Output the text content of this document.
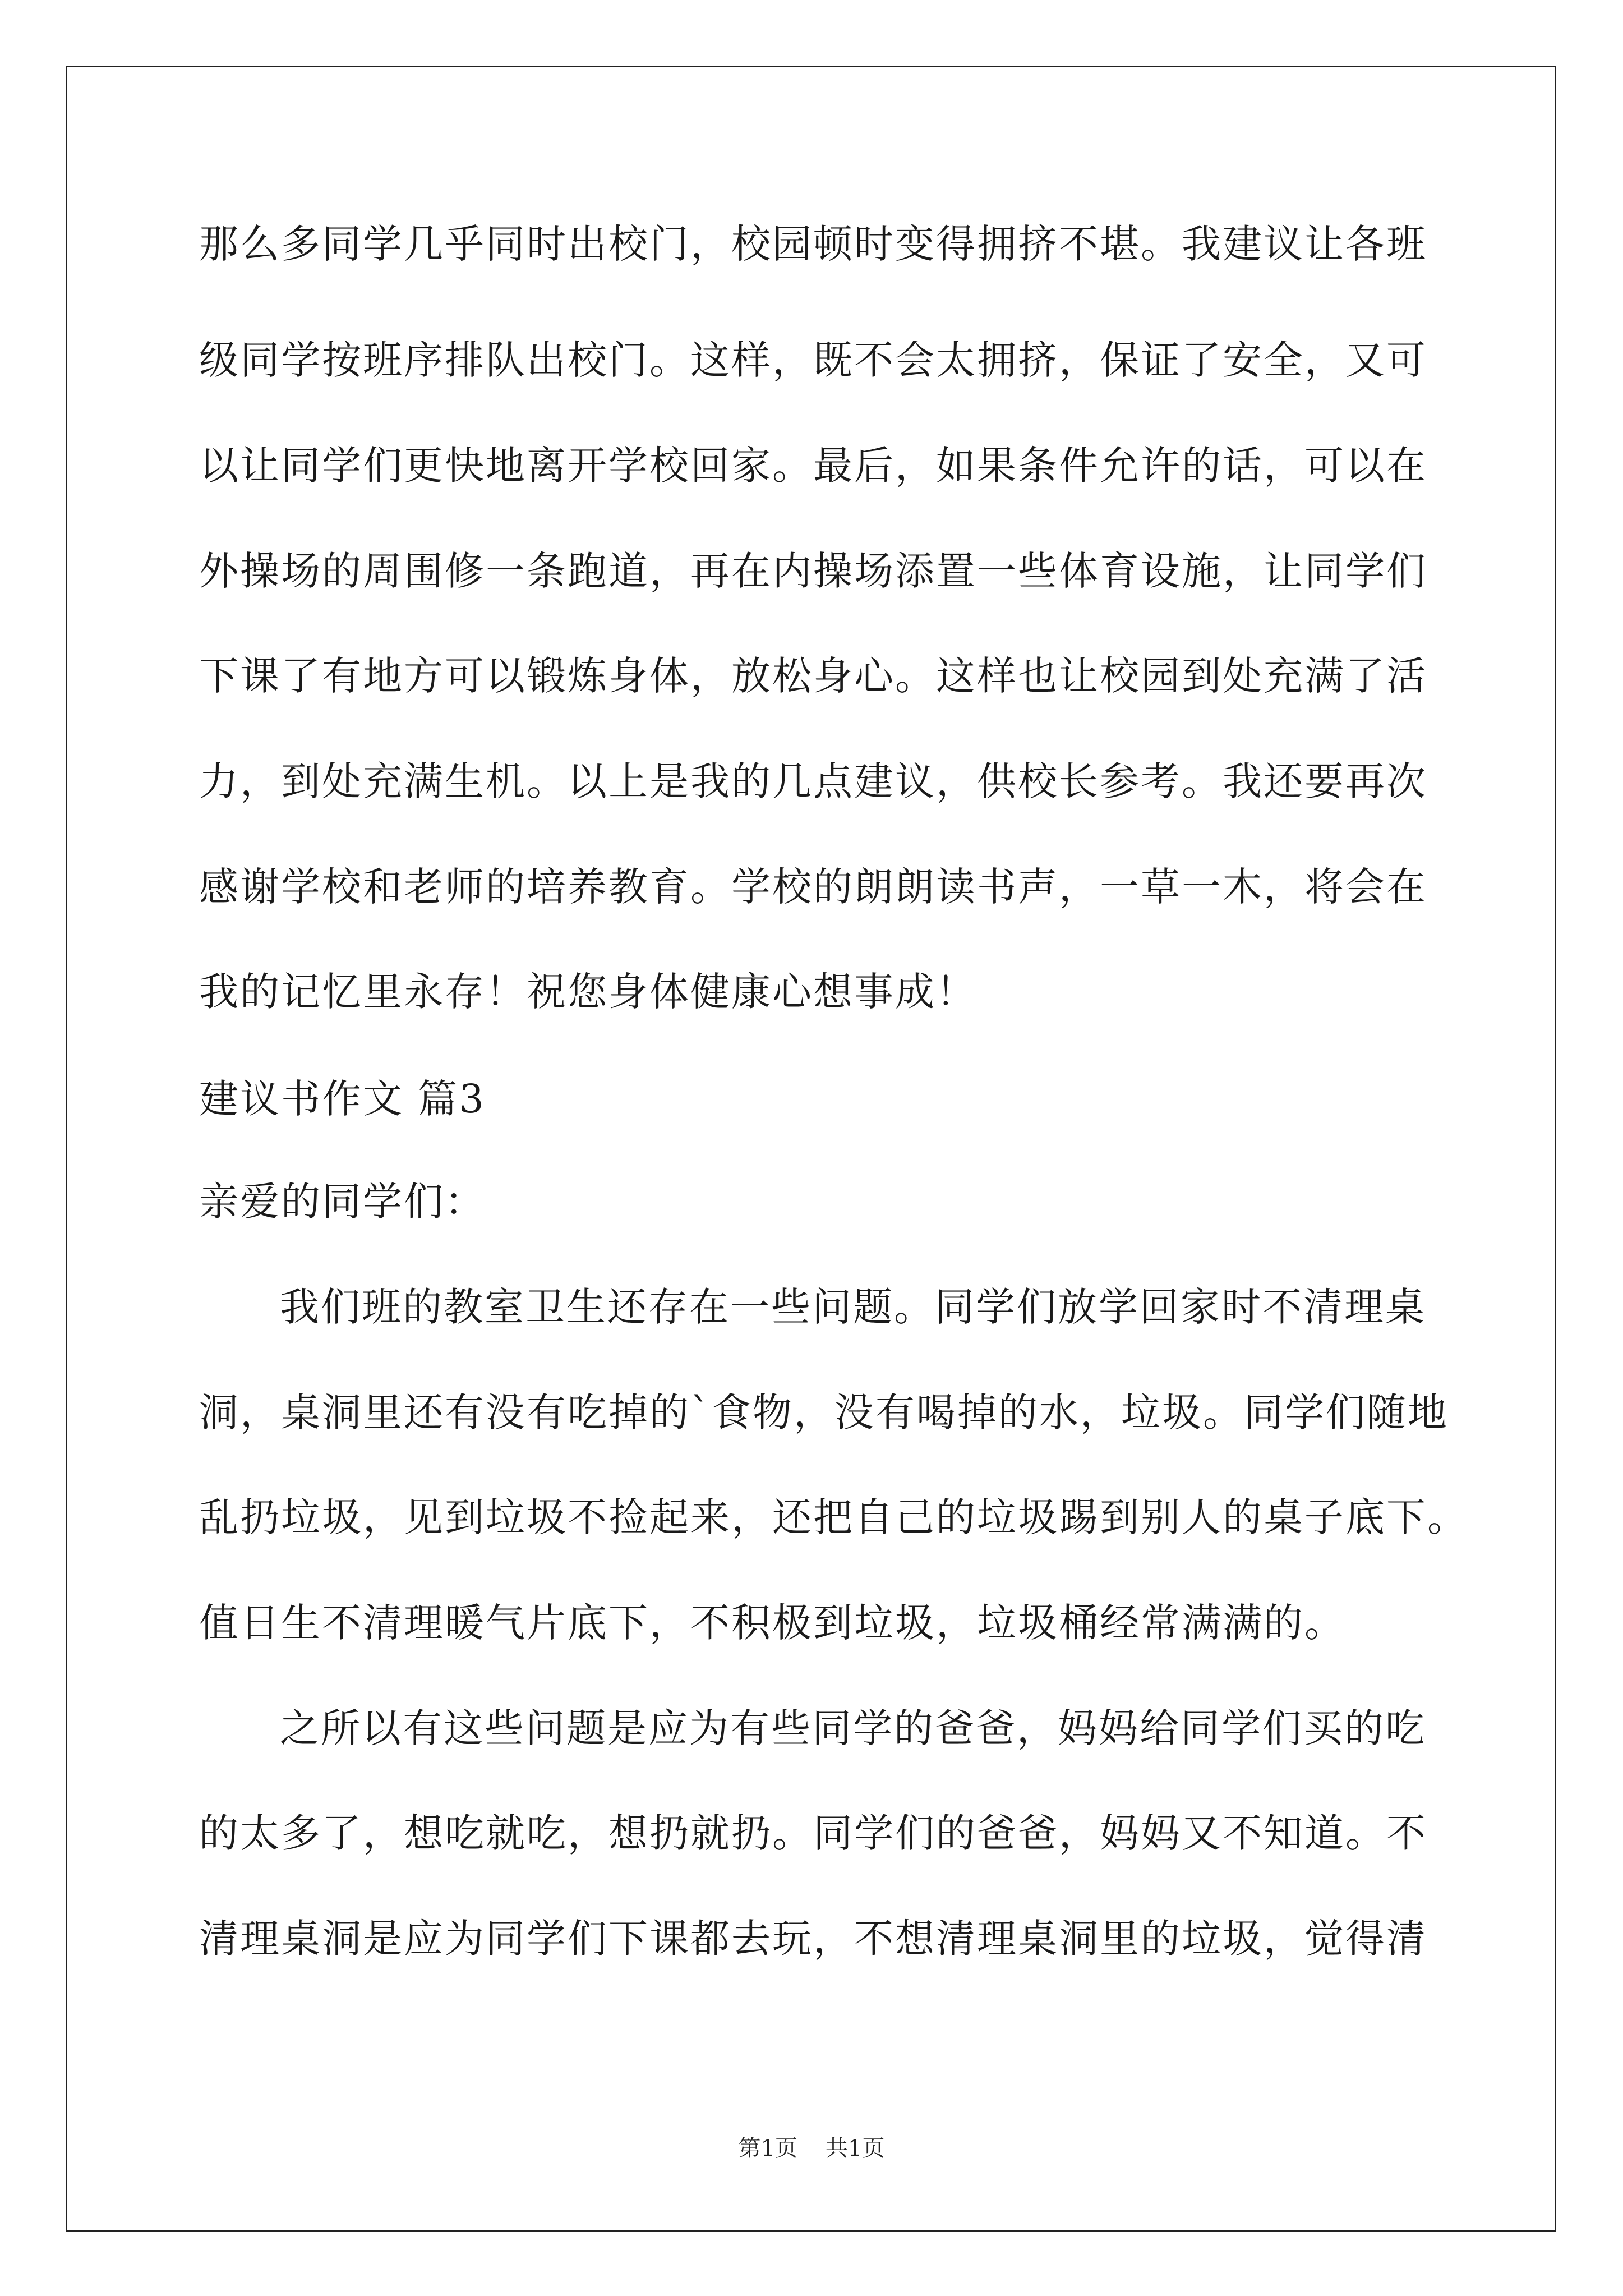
那么多同学几乎同时出校门，校园顿时变得拥挤不堪。我建议让各班
级同学按班序排队出校门。这样，既不会太拥挤，保证了安全，又可
以让同学们更快地离开学校回家。最后，如果条件允许的话，可以在
外操场的周围修一条跑道，再在内操场添置一些体育设施，让同学们
下课了有地方可以锻炼身体，放松身心。这样也让校园到处充满了活
力，到处充满生机。以上是我的几点建议，供校长参考。我还要再次
感谢学校和老师的培养教育。学校的朗朗读书声，一草一木，将会在
我的记忆里永存！祝您身体健康心想事成！
建议书作文 篇3
亲爱的同学们：
我们班的教室卫生还存在一些问题。同学们放学回家时不清理桌
洞，桌洞里还有没有吃掉的`食物，没有喝掉的水，垃圾。同学们随地
乱扔垃圾，见到垃圾不捡起来，还把自己的垃圾踢到别人的桌子底下。
值日生不清理暖气片底下，不积极到垃圾，垃圾桶经常满满的。
之所以有这些问题是应为有些同学的爸爸，妈妈给同学们买的吃
的太多了，想吃就吃，想扔就扔。同学们的爸爸，妈妈又不知道。不
清理桌洞是应为同学们下课都去玩，不想清理桌洞里的垃圾，觉得清
第1页 共1页
